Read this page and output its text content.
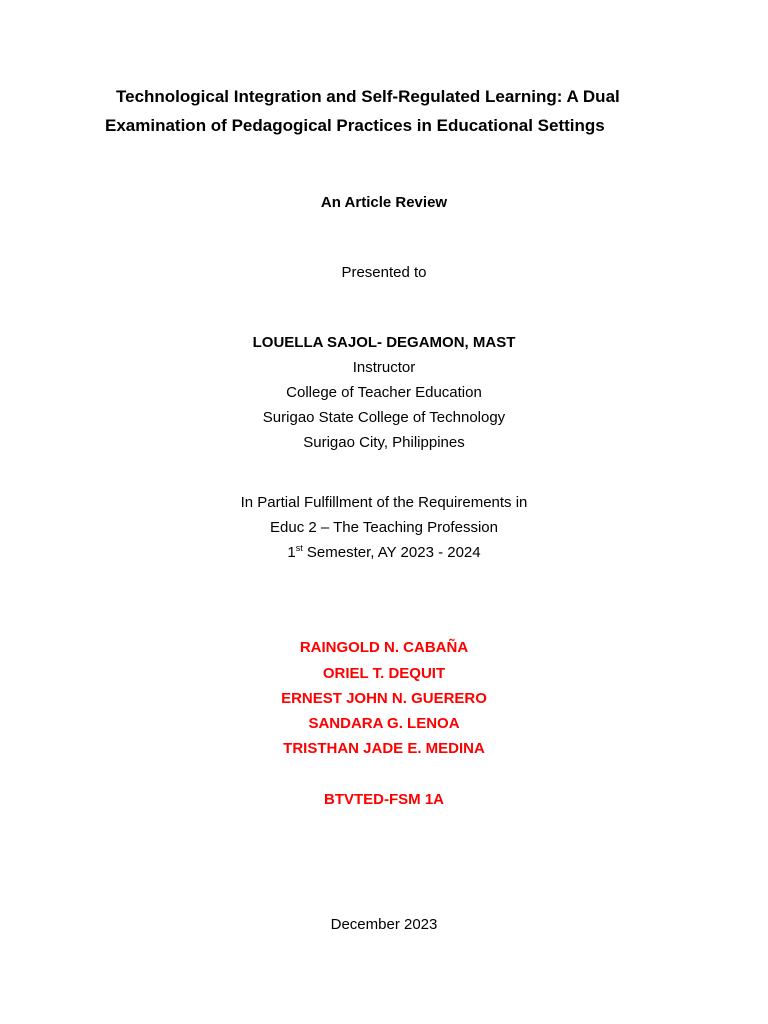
Technological Integration and Self-Regulated Learning: A Dual
Examination of Pedagogical Practices in Educational Settings
An Article Review
Presented to
LOUELLA SAJOL- DEGAMON, MAST
Instructor
College of Teacher Education
Surigao State College of Technology
Surigao City, Philippines
In Partial Fulfillment of the Requirements in
Educ 2 – The Teaching Profession
1st Semester, AY 2023 - 2024
RAINGOLD N. CABAÑA
ORIEL T. DEQUIT
ERNEST JOHN N. GUERERO
SANDARA G. LENOA
TRISTHAN JADE E. MEDINA
BTVTED-FSM 1A
December 2023
